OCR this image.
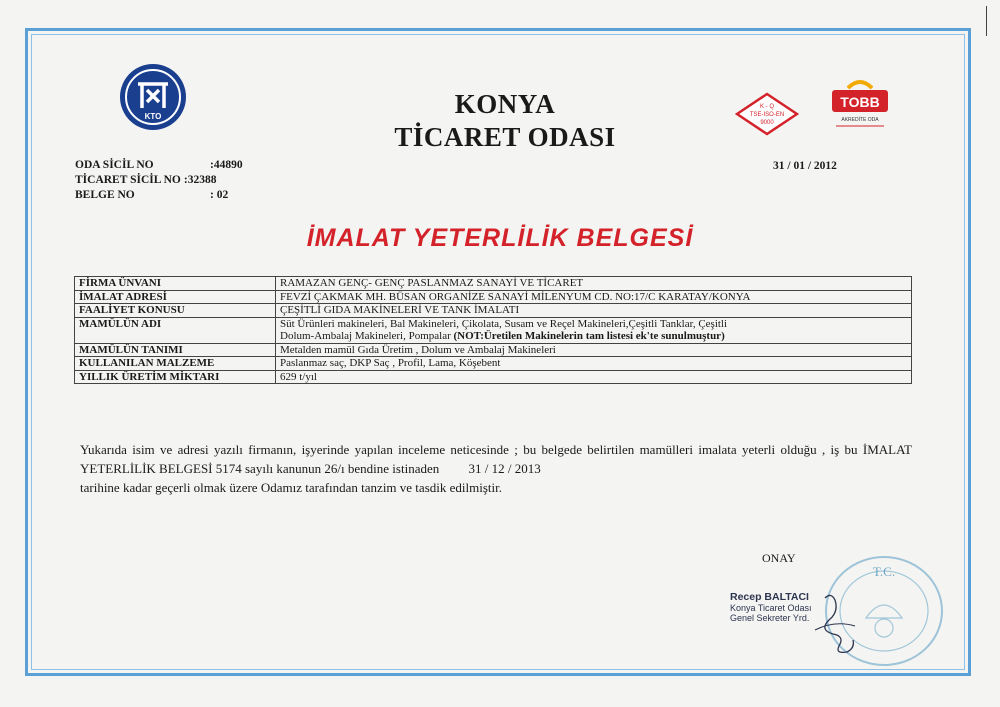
KTO	KONYA
TİCARET ODASI
K - Q
TSE-ISO-EN
9000
TOBB
AKREDİTE ODA
ODA SİCİL NO	:44890
TİCARET SİCİL NO :32388
BELGE NO	: 02
31 / 01 / 2012
İMALAT YETERLİLİK BELGESİ
FİRMA ÜNVANI	RAMAZAN GENÇ- GENÇ PASLANMAZ SANAYİ VE TİCARET
İMALAT ADRESİ	FEVZİ ÇAKMAK MH. BÜSAN ORGANİZE SANAYİ MİLENYUM CD. NO:17/C KARATAY/KONYA
FAALİYET KONUSU	ÇEŞİTLİ GIDA MAKİNELERİ VE TANK İMALATI
MAMÜLÜN ADI	Süt Ürünleri makineleri, Bal Makineleri, Çikolata, Susam ve Reçel Makineleri,Çeşitli Tanklar, Çeşitli
Dolum-Ambalaj Makineleri, Pompalar (NOT:Üretilen Makinelerin tam listesi ek'te sunulmuştur)

MAMÜLÜN TANIMI	Metalden mamül Gıda Üretim , Dolum ve Ambalaj Makineleri
KULLANILAN MALZEME	Paslanmaz saç, DKP Saç , Profil, Lama, Köşebent
YILLIK ÜRETİM MİKTARI	629 t/yıl
Yukarıda isim ve adresi yazılı firmanın, işyerinde yapılan inceleme neticesinde ; bu belgede belirtilen mamülleri imalata yeterli olduğu , iş bu İMALAT YETERLİLİK BELGESİ 5174 sayılı kanunun 26/ı bendine istinaden 31 / 12 / 2013
tarihine kadar geçerli olmak üzere Odamız tarafından tanzim ve tasdik edilmiştir.
ONAY
T.C.
Recep BALTACI
Konya Ticaret Odası
Genel Sekreter Yrd.
